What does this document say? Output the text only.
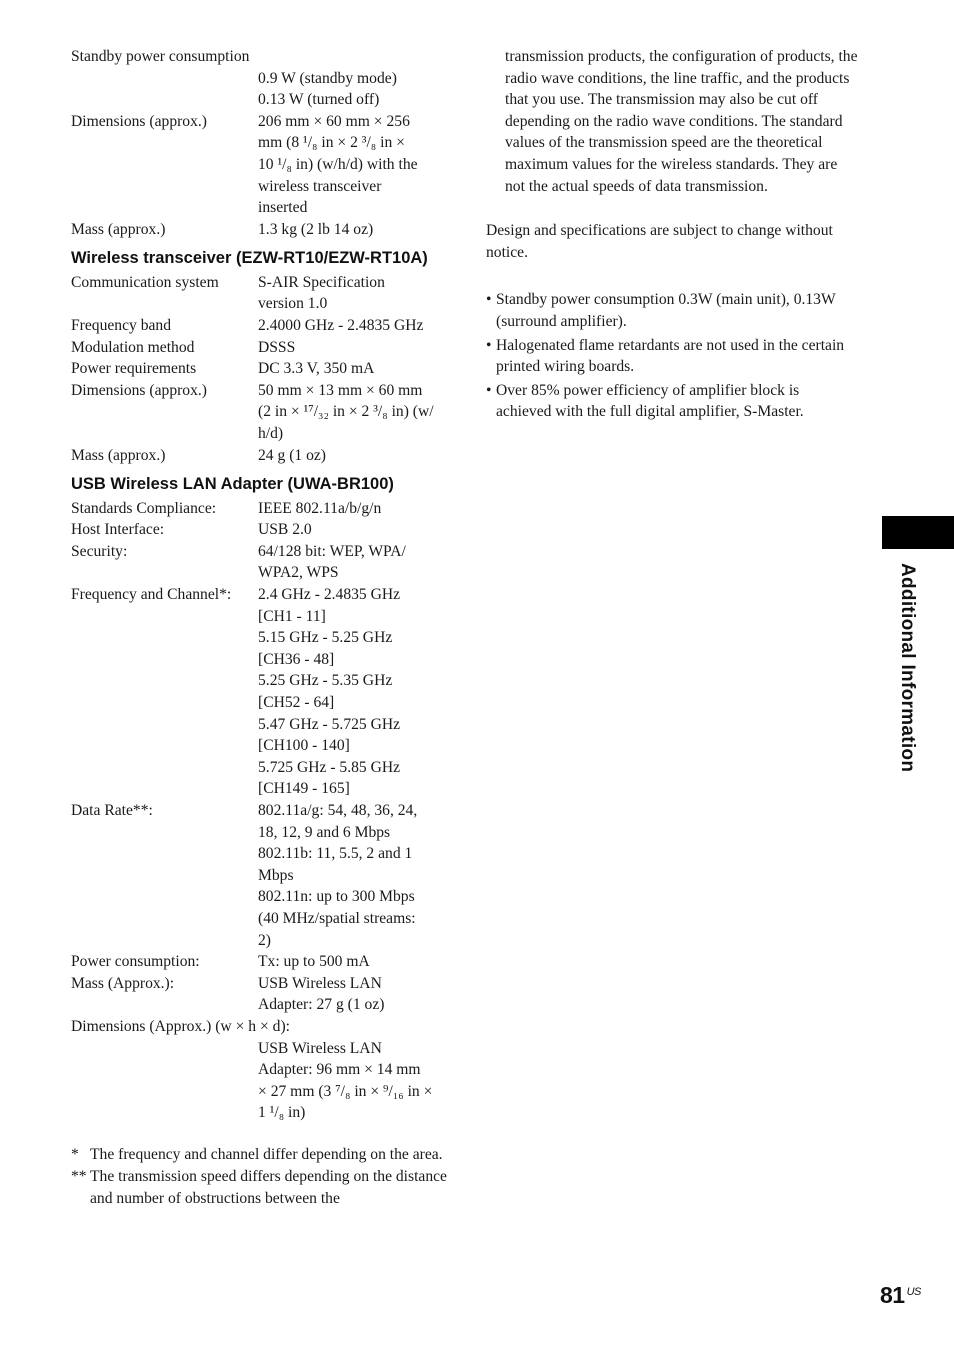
Standby power consumption
0.9 W (standby mode)
0.13 W (turned off)
Dimensions (approx.)	206 mm × 60 mm × 256
mm (8 ¹/₈ in × 2 ³/₈ in ×
10 ¹/₈ in) (w/h/d) with the
wireless transceiver
inserted
Mass (approx.)	1.3 kg (2 lb 14 oz)
Wireless transceiver (EZW-RT10/EZW-RT10A)
Communication system	S-AIR Specification
version 1.0
Frequency band	2.4000 GHz - 2.4835 GHz
Modulation method	DSSS
Power requirements	DC 3.3 V, 350 mA
Dimensions (approx.)	50 mm × 13 mm × 60 mm
(2 in × ¹⁷/₃₂ in × 2 ³/₈ in) (w/
h/d)
Mass (approx.)	24 g (1 oz)
USB Wireless LAN Adapter (UWA-BR100)
Standards Compliance:	IEEE 802.11a/b/g/n
Host Interface:	USB 2.0
Security:	64/128 bit: WEP, WPA/
WPA2, WPS
Frequency and Channel*:	2.4 GHz - 2.4835 GHz
[CH1 - 11]
5.15 GHz - 5.25 GHz
[CH36 - 48]
5.25 GHz - 5.35 GHz
[CH52 - 64]
5.47 GHz - 5.725 GHz
[CH100 - 140]
5.725 GHz - 5.85 GHz
[CH149 - 165]
Data Rate**:	802.11a/g: 54, 48, 36, 24,
18, 12, 9 and 6 Mbps
802.11b: 11, 5.5, 2 and 1
Mbps
802.11n: up to 300 Mbps
(40 MHz/spatial streams:
2)
Power consumption:	Tx: up to 500 mA
Mass (Approx.):	USB Wireless LAN
Adapter: 27 g (1 oz)
Dimensions (Approx.) (w × h × d):
USB Wireless LAN
Adapter: 96 mm × 14 mm
× 27 mm (3 ⁷/₈ in × ⁹/₁₆ in ×
1 ¹/₈ in)
* The frequency and channel differ depending on the area.
** The transmission speed differs depending on the distance and number of obstructions between the
transmission products, the configuration of products, the radio wave conditions, the line traffic, and the products that you use. The transmission may also be cut off depending on the radio wave conditions. The standard values of the transmission speed are the theoretical maximum values for the wireless standards. They are not the actual speeds of data transmission.
Design and specifications are subject to change without notice.
• Standby power consumption 0.3W (main unit), 0.13W (surround amplifier).
• Halogenated flame retardants are not used in the certain printed wiring boards.
• Over 85% power efficiency of amplifier block is achieved with the full digital amplifier, S-Master.
Additional Information
81 $^{US}$
